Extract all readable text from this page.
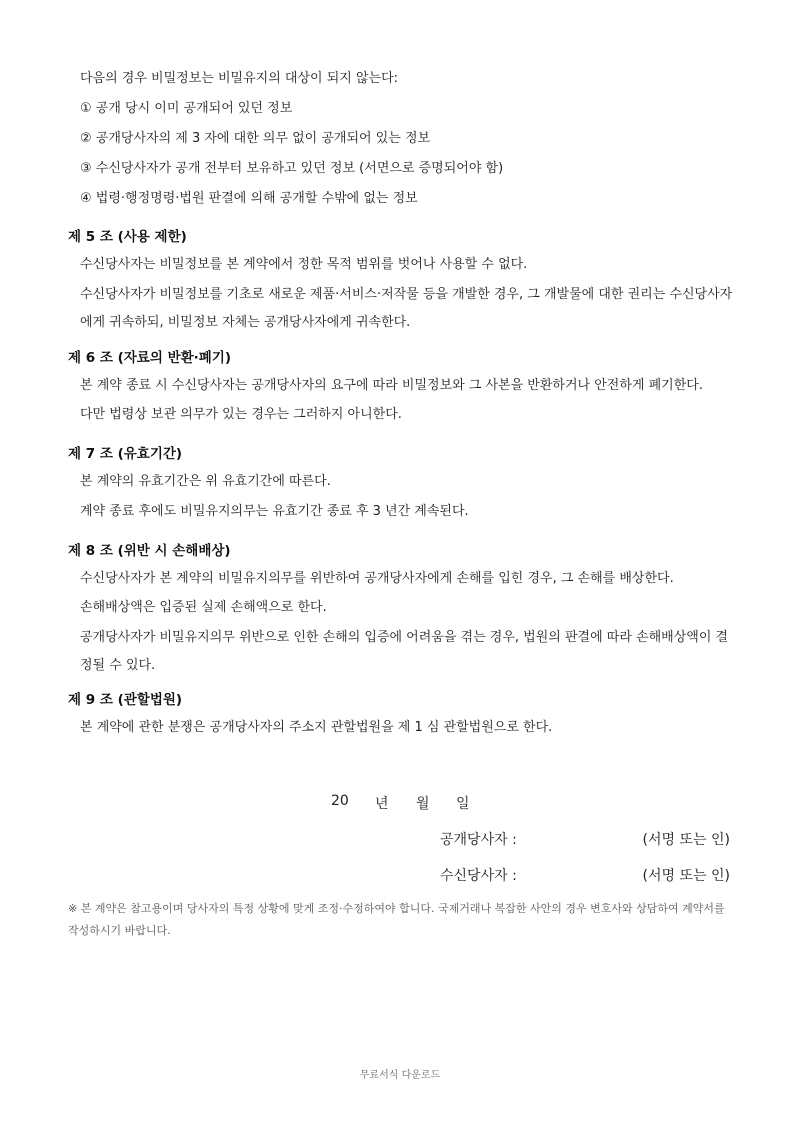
다음의 경우 비밀정보는 비밀유지의 대상이 되지 않는다:
① 공개 당시 이미 공개되어 있던 정보
② 공개당사자의 제 3 자에 대한 의무 없이 공개되어 있는 정보
③ 수신당사자가 공개 전부터 보유하고 있던 정보 (서면으로 증명되어야 함)
④ 법령·행정명령·법원 판결에 의해 공개할 수밖에 없는 정보
제 5 조 (사용 제한)
수신당사자는 비밀정보를 본 계약에서 정한 목적 범위를 벗어나 사용할 수 없다.
수신당사자가 비밀정보를 기초로 새로운 제품·서비스·저작물 등을 개발한 경우, 그 개발물에 대한 권리는 수신당사자에게 귀속하되, 비밀정보 자체는 공개당사자에게 귀속한다.
제 6 조 (자료의 반환·폐기)
본 계약 종료 시 수신당사자는 공개당사자의 요구에 따라 비밀정보와 그 사본을 반환하거나 안전하게 폐기한다.
다만 법령상 보관 의무가 있는 경우는 그러하지 아니한다.
제 7 조 (유효기간)
본 계약의 유효기간은 위 유효기간에 따른다.
계약 종료 후에도 비밀유지의무는 유효기간 종료 후 3 년간 계속된다.
제 8 조 (위반 시 손해배상)
수신당사자가 본 계약의 비밀유지의무를 위반하여 공개당사자에게 손해를 입힌 경우, 그 손해를 배상한다.
손해배상액은 입증된 실제 손해액으로 한다.
공개당사자가 비밀유지의무 위반으로 인한 손해의 입증에 어려움을 겪는 경우, 법원의 판결에 따라 손해배상액이 결정될 수 있다.
제 9 조 (관할법원)
본 계약에 관한 분쟁은 공개당사자의 주소지 관할법원을 제 1 심 관할법원으로 한다.
20 년 월 일
공개당사자 :	(서명 또는 인)
수신당사자 :	(서명 또는 인)
※ 본 계약은 참고용이며 당사자의 특정 상황에 맞게 조정·수정하여야 합니다. 국제거래나 복잡한 사안의 경우 변호사와 상담하여 계약서를 작성하시기 바랍니다.
무료서식 다운로드
